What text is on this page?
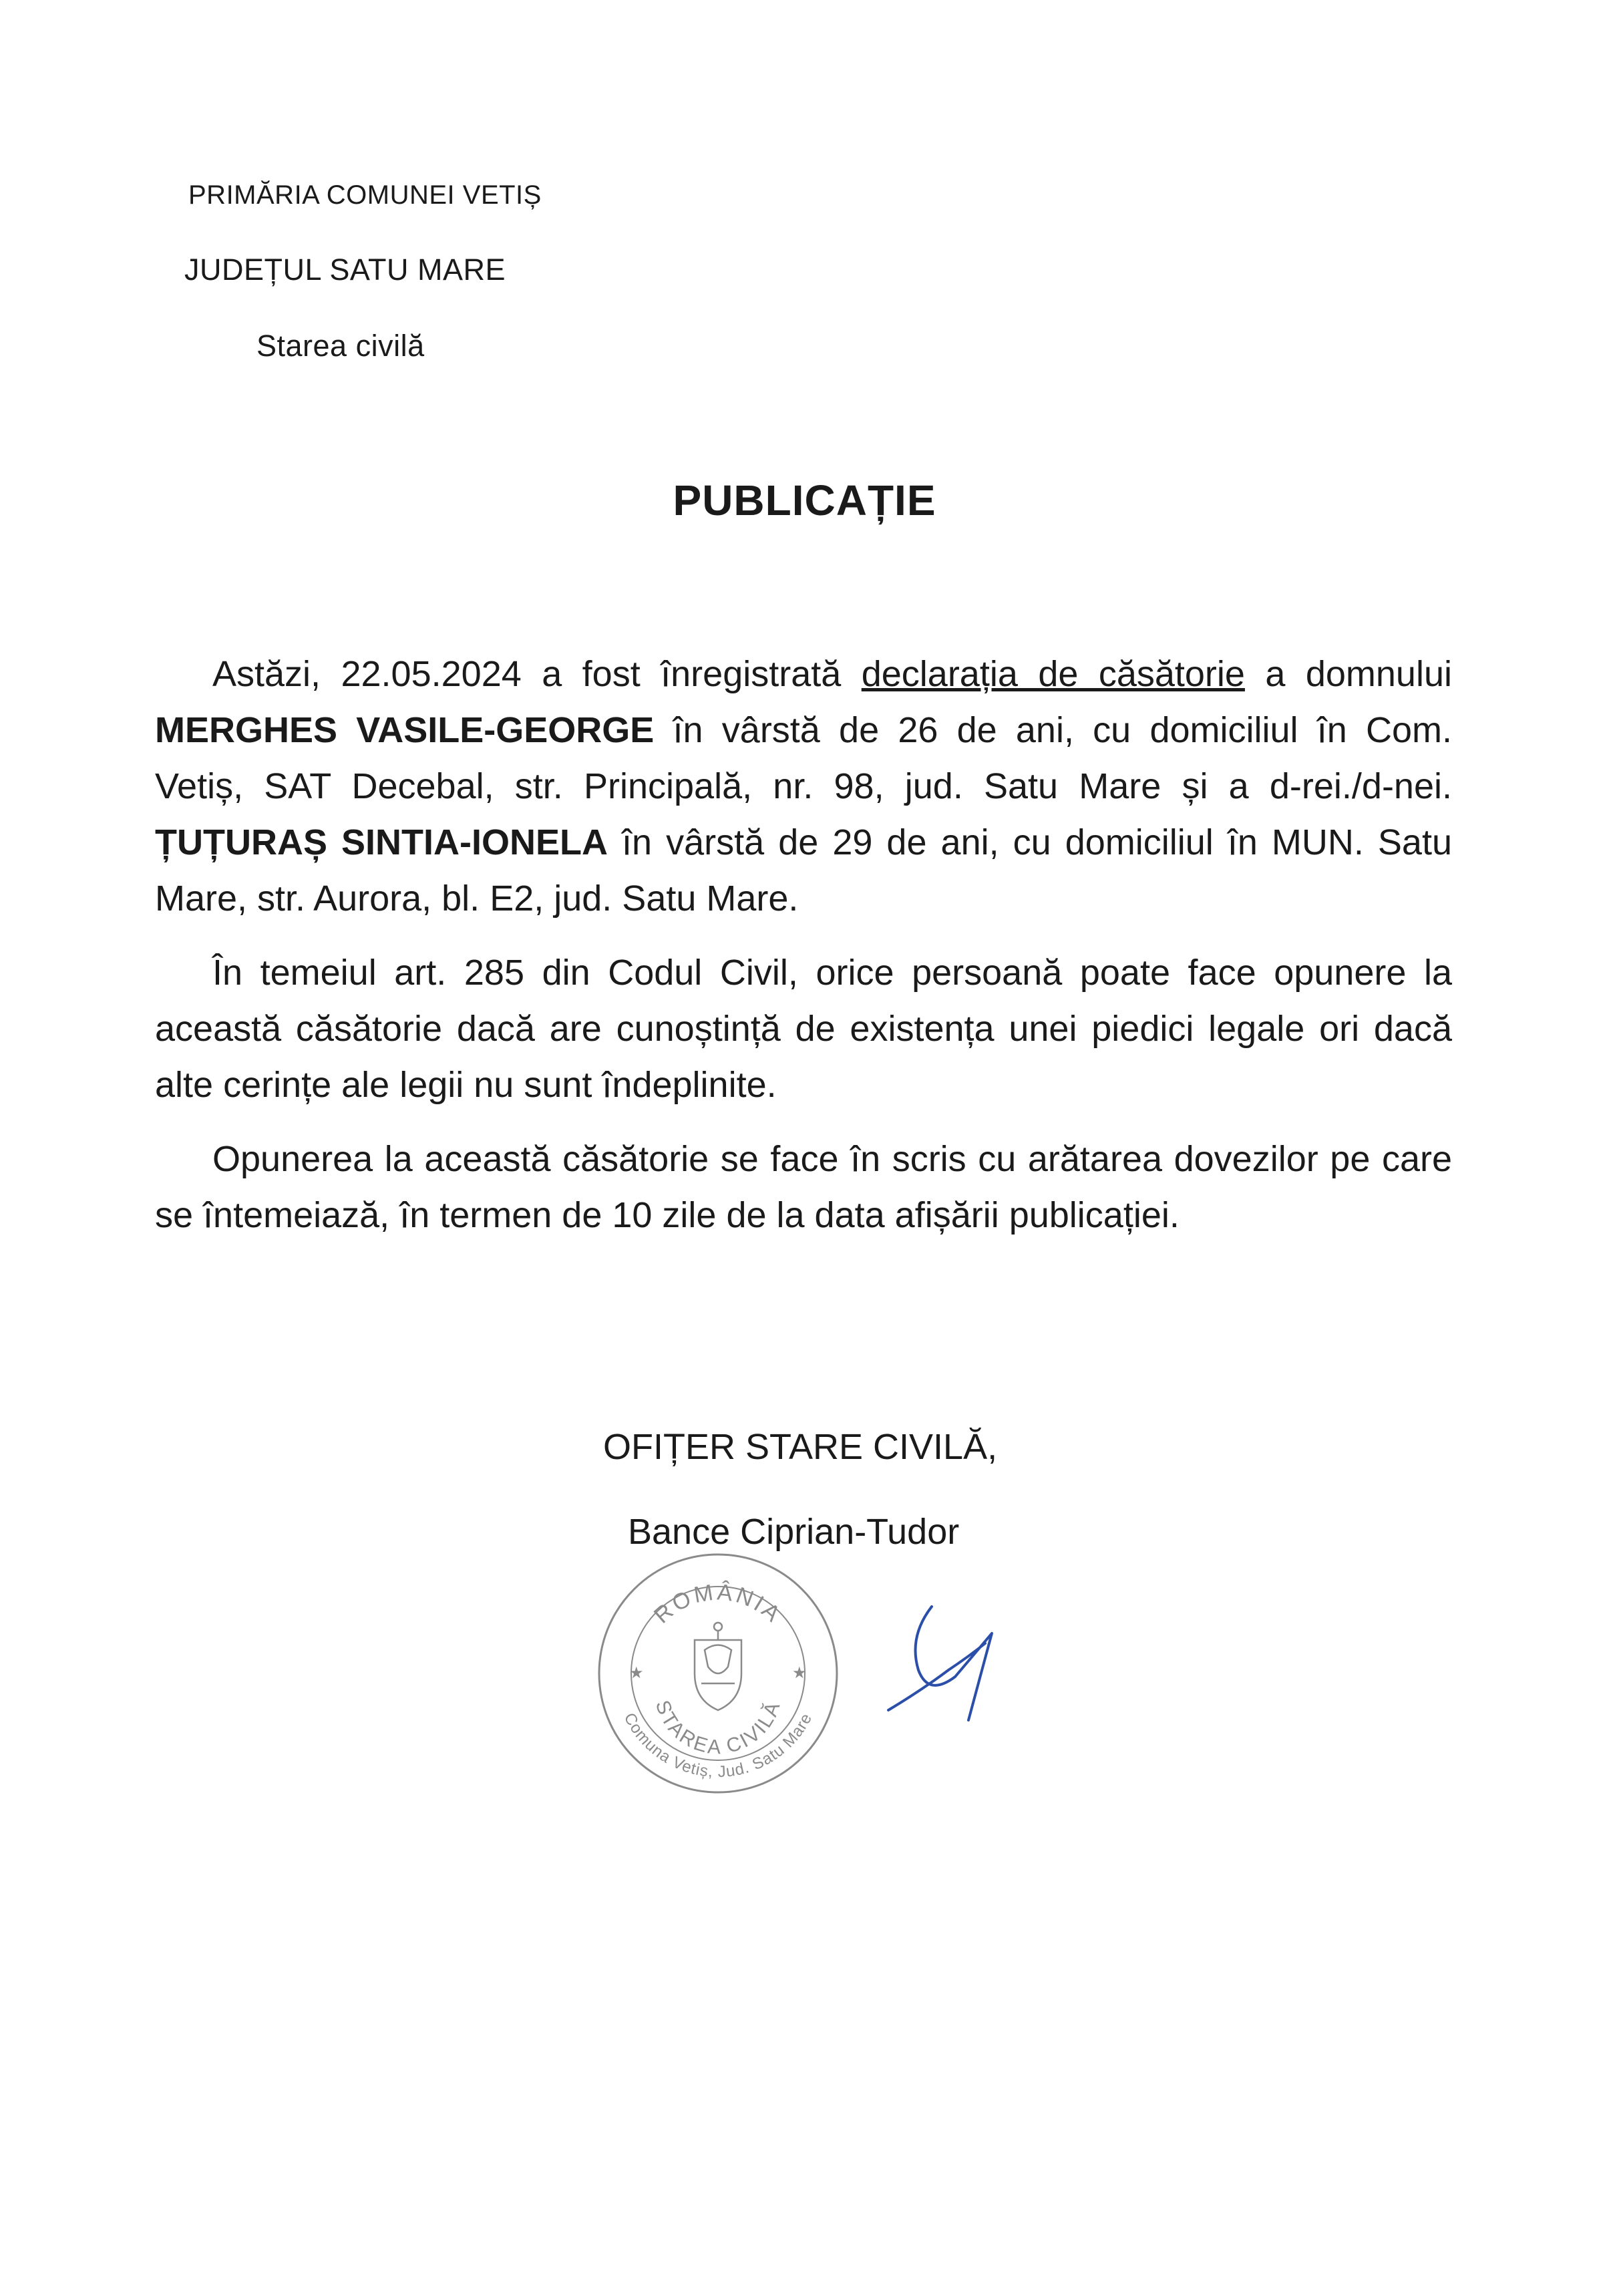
PRIMĂRIA COMUNEI VETIȘ
JUDEȚUL SATU MARE
Starea civilă
PUBLICAȚIE

Astăzi, 22.05.2024 a fost înregistrată declarația de căsătorie a domnului MERGHES VASILE-GEORGE în vârstă de 26 de ani, cu domiciliul în Com. Vetiș, SAT Decebal, str. Principală, nr. 98, jud. Satu Mare și a d-rei./d-nei. ȚUȚURAȘ SINTIA-IONELA în vârstă de 29 de ani, cu domiciliul în MUN. Satu Mare, str. Aurora, bl. E2, jud. Satu Mare.

În temeiul art. 285 din Codul Civil, orice persoană poate face opunere la această căsătorie dacă are cunoștință de existența unei piedici legale ori dacă alte cerințe ale legii nu sunt îndeplinite.

Opunerea la această căsătorie se face în scris cu arătarea dovezilor pe care se întemeiază, în termen de 10 zile de la data afișării publicației.

OFIȚER STARE CIVILĂ,
Bance Ciprian-Tudor
ROMÂNIA
STAREA CIVILĂ
Comuna Vetiș, Jud. Satu Mare
★	★
